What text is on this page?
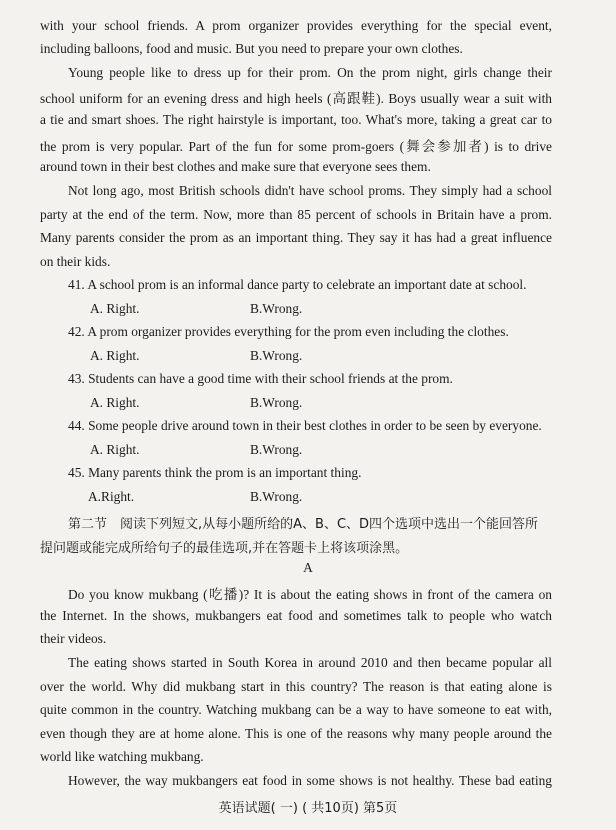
with your school friends. A prom organizer provides everything for the special event,
including balloons, food and music. But you need to prepare your own clothes.
Young people like to dress up for their prom. On the prom night, girls change their
school uniform for an evening dress and high heels (高跟鞋). Boys usually wear a suit with
a tie and smart shoes. The right hairstyle is important, too. What's more, taking a great car to
the prom is very popular. Part of the fun for some prom-goers (舞会参加者) is to drive
around town in their best clothes and make sure that everyone sees them.
Not long ago, most British schools didn't have school proms. They simply had a school
party at the end of the term. Now, more than 85 percent of schools in Britain have a prom.
Many parents consider the prom as an important thing. They say it has had a great influence
on their kids.
41. A school prom is an informal dance party to celebrate an important date at school.
A. Right.	B.Wrong.
42. A prom organizer provides everything for the prom even including the clothes.
A. Right.	B.Wrong.
43. Students can have a good time with their school friends at the prom.
A. Right.	B.Wrong.
44. Some people drive around town in their best clothes in order to be seen by everyone.
A. Right.	B.Wrong.
45. Many parents think the prom is an important thing.
A.Right.	B.Wrong.
第二节　阅读下列短文,从每小题所给的A、B、C、D四个选项中选出一个能回答所
提问题或能完成所给句子的最佳选项,并在答题卡上将该项涂黑。
A
Do you know mukbang (吃播)? It is about the eating shows in front of the camera on
the Internet. In the shows, mukbangers eat food and sometimes talk to people who watch
their videos.
The eating shows started in South Korea in around 2010 and then became popular all
over the world. Why did mukbang start in this country? The reason is that eating alone is
quite common in the country. Watching mukbang can be a way to have someone to eat with,
even though they are at home alone. This is one of the reasons why many people around the
world like watching mukbang.
However, the way mukbangers eat food in some shows is not healthy. These bad eating
英语试题( 一) ( 共10页) 第5页
